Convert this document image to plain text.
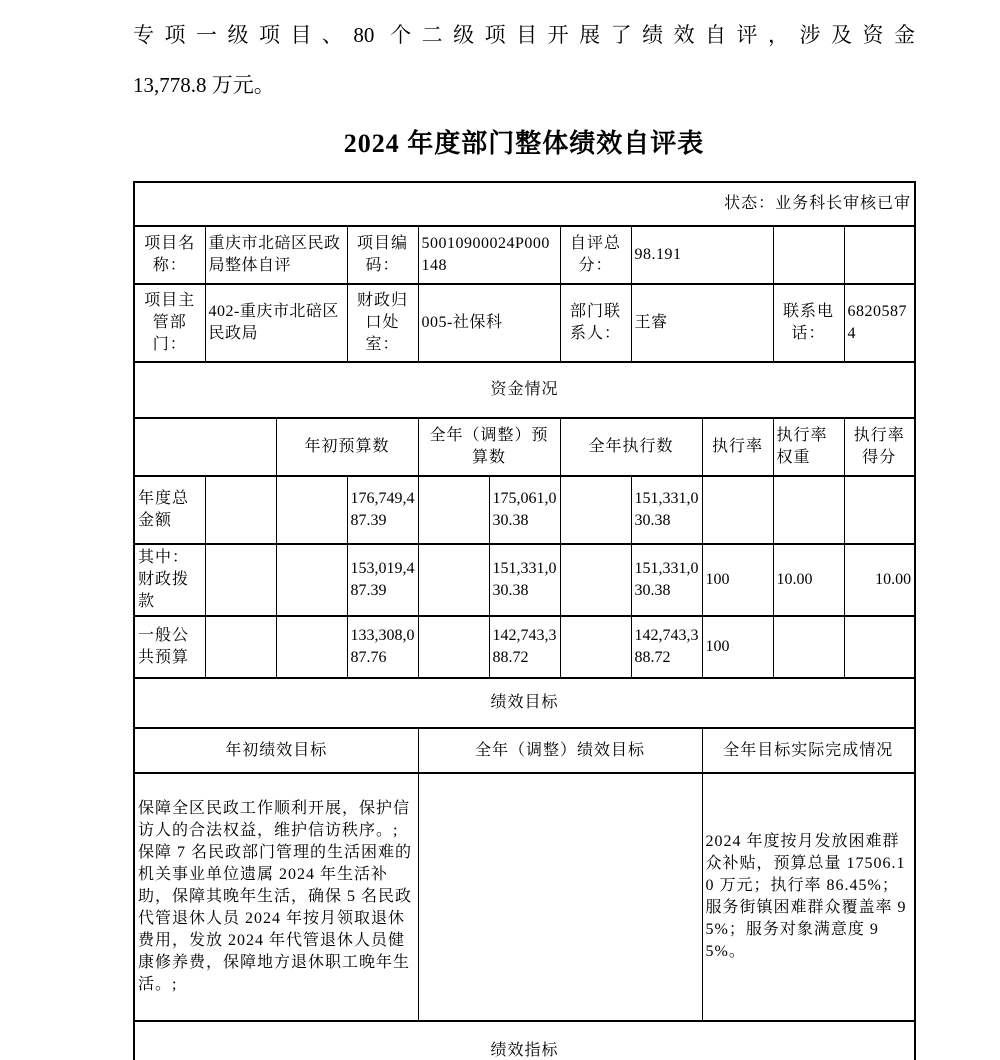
专项一级项目、80 个二级项目开展了绩效自评，涉及资金
13,778.8 万元。
2024 年度部门整体绩效自评表
状态：业务科长审核已审										
项目名称：	重庆市北碚区民政局整体自评		项目编码：	50010900024P000148		自评总分：	98.191			
项目主管部门：	402-重庆市北碚区民政局		财政归口处室：	005-社保科		部门联系人：	王睿		联系电话：	68205874
资金情况										
		年初预算数		全年（调整）预算数		全年执行数		执行率	执行率权重	执行率得分
年度总金额			176,749,487.39		175,061,030.38		151,331,030.38			
其中：财政拨款			153,019,487.39		151,331,030.38		151,331,030.38	100	10.00	10.00
一般公共预算			133,308,087.76		142,743,388.72		142,743,388.72	100		
绩效目标										
年初绩效目标				全年（调整）绩效目标				全年目标实际完成情况		
保障全区民政工作顺利开展，保护信访人的合法权益，维护信访秩序。;保障 7 名民政部门管理的生活困难的机关事业单位遗属 2024 年生活补助，保障其晚年生活，确保 5 名民政代管退休人员 2024 年按月领取退休费用，发放 2024 年代管退休人员健康修养费，保障地方退休职工晚年生活。;								2024 年度按月发放困难群众补贴，预算总量 17506.10 万元；执行率 86.45%；服务街镇困难群众覆盖率 95%；服务对象满意度 95%。		
绩效指标										
